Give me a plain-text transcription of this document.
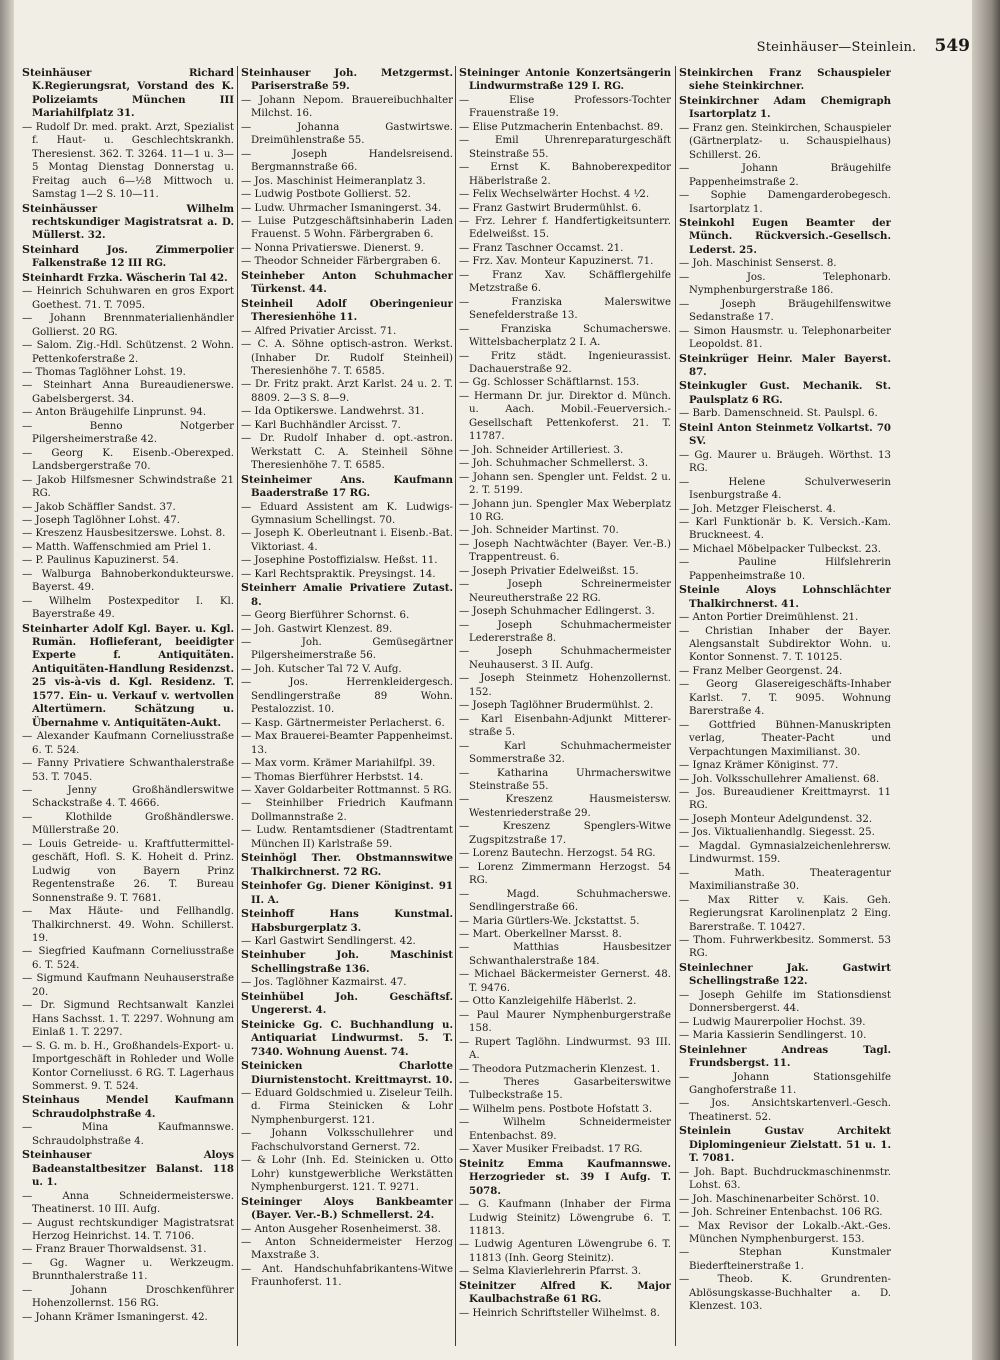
Steinhäuser—Steinlein. 549

Steinhäuser Richard K.Regierungsrat, Vorstand des K. Polizeiamts München III Mariahilfplatz 31.

— Rudolf Dr. med. prakt. Arzt, Spezialist f. Haut- u. Geschlechtskrankh. Theresienst. 362. T. 3264. 11—1 u. 3—5 Montag Dienstag Donnerstag u. Freitag auch 6—½8 Mittwoch u. Samstag 1—2 S. 10—11.

Steinhäusser Wilhelm rechtskundiger Magistratsrat a. D. Müllerst. 32.

Steinhard Jos. Zimmerpolier Falkenstraße 12 III RG.

Steinhardt Frzka. Wäscherin Tal 42.

— Heinrich Schuhwaren en gros Export Goethest. 71. T. 7095.

— Johann Brennmaterialienhändler Gollierst. 20 RG.

— Salom. Zig.-Hdl. Schützenst. 2 Wohn. Pettenkoferstraße 2.

— Thomas Taglöhner Lohst. 19.

— Steinhart Anna Bureaudienerswe. Gabelsbergerst. 34.

— Anton Bräugehilfe Linprunst. 94.

— Benno Notgerber Pilgersheimerstraße 42.

— Georg K. Eisenb.-Oberexped. Landsbergerstraße 70.

— Jakob Hilfsmesner Schwindstraße 21 RG.

— Jakob Schäffler Sandst. 37.

— Joseph Taglöhner Lohst. 47.

— Kreszenz Hausbesitzerswe. Lohst. 8.

— Matth. Waffenschmied am Priel 1.

— P. Paulinus Kapuzinerst. 54.

— Walburga Bahnoberkondukteurswe. Bayerst. 49.

— Wilhelm Postexpeditor I. Kl. Bayerstraße 49.

Steinharter Adolf Kgl. Bayer. u. Kgl. Rumän. Hoflieferant, beeidigter Experte f. Antiquitäten. Antiquitäten-Handlung Residenzst. 25 vis-à-vis d. Kgl. Residenz. T. 1577. Ein- u. Verkauf v. wertvollen Altertümern. Schätzung u. Übernahme v. Antiquitäten-Aukt.

— Alexander Kaufmann Corneliusstraße 6. T. 524.

— Fanny Privatiere Schwanthalerstraße 53. T. 7045.

— Jenny Großhändlerswitwe Schackstraße 4. T. 4666.

— Klothilde Großhändlerswe. Müllerstraße 20.

— Louis Getreide- u. Kraftfuttermittel-geschäft, Hofl. S. K. Hoheit d. Prinz. Ludwig von Bayern Prinz Regentenstraße 26. T. Bureau Sonnenstraße 9. T. 7681.

— Max Häute- und Fellhandlg. Thalkirchnerst. 49. Wohn. Schillerst. 19.

— Siegfried Kaufmann Corneliusstraße 6. T. 524.

— Sigmund Kaufmann Neuhauserstraße 20.

— Dr. Sigmund Rechtsanwalt Kanzlei Hans Sachsst. 1. T. 2297. Wohnung am Einlaß 1. T. 2297.

— S. G. m. b. H., Großhandels-Export- u. Importgeschäft in Rohleder und Wolle Kontor Corneliusst. 6 RG. T. Lagerhaus Sommerst. 9. T. 524.

Steinhaus Mendel Kaufmann Schraudolphstraße 4.

— Mina Kaufmannswe. Schraudolphstraße 4.

Steinhauser Aloys Badeanstaltbesitzer Balanst. 118 u. 1.

— Anna Schneidermeisterswe. Theatinerst. 10 III. Aufg.

— August rechtskundiger Magistratsrat Herzog Heinrichst. 14. T. 7106.

— Franz Brauer Thorwaldsenst. 31.

— Gg. Wagner u. Werkzeugm. Brunnthalerstraße 11.

— Johann Droschkenführer Hohenzollernst. 156 RG.

— Johann Krämer Ismaningerst. 42.

Steinhauser Joh. Metzgermst. Pariserstraße 59.

— Johann Nepom. Brauereibuchhalter Milchst. 16.

— Johanna Gastwirtswe. Dreimühlenstraße 55.

— Joseph Handelsreisend. Bergmannstraße 66.

— Jos. Maschinist Heimeranplatz 3.

— Ludwig Postbote Gollierst. 52.

— Ludw. Uhrmacher Ismaningerst. 34.

— Luise Putzgeschäftsinhaberin Laden Frauenst. 5 Wohn. Färbergraben 6.

— Nonna Privatierswe. Dienerst. 9.

— Theodor Schneider Färbergraben 6.

Steinheber Anton Schuhmacher Türkenst. 44.

Steinheil Adolf Oberingenieur Theresienhöhe 11.

— Alfred Privatier Arcisst. 71.

— C. A. Söhne optisch-astron. Werkst. (Inhaber Dr. Rudolf Steinheil) Theresienhöhe 7. T. 6585.

— Dr. Fritz prakt. Arzt Karlst. 24 u. 2. T. 8809. 2—3 S. 8—9.

— Ida Optikerswe. Landwehrst. 31.

— Karl Buchhändler Arcisst. 7.

— Dr. Rudolf Inhaber d. opt.-astron. Werkstatt C. A. Steinheil Söhne Theresienhöhe 7. T. 6585.

Steinheimer Ans. Kaufmann Baaderstraße 17 RG.

— Eduard Assistent am K. Ludwigs-Gymnasium Schellingst. 70.

— Joseph K. Oberleutnant i. Eisenb.-Bat. Viktoriast. 4.

— Josephine Postoffizialsw. Heßst. 11.

— Karl Rechtspraktik. Preysingst. 14.

Steinherr Amalie Privatiere Zutast. 8.

— Georg Bierführer Schornst. 6.

— Joh. Gastwirt Klenzest. 89.

— Joh. Gemüsegärtner Pilgersheimerstraße 56.

— Joh. Kutscher Tal 72 V. Aufg.

— Jos. Herrenkleidergesch. Sendlingerstraße 89 Wohn. Pestalozzist. 10.

— Kasp. Gärtnermeister Perlacherst. 6.

— Max Brauerei-Beamter Pappenheimst. 13.

— Max vorm. Krämer Mariahilfpl. 39.

— Thomas Bierführer Herbstst. 14.

— Xaver Goldarbeiter Rottmannst. 5 RG.

— Steinhilber Friedrich Kaufmann Dollmannstraße 2.

— Ludw. Rentamtsdiener (Stadtrentamt München II) Karlstraße 59.

Steinhögl Ther. Obstmannswitwe Thalkirchnerst. 72 RG.

Steinhofer Gg. Diener Königinst. 91 II. A.

Steinhoff Hans Kunstmal. Habsburgerplatz 3.

— Karl Gastwirt Sendlingerst. 42.

Steinhuber Joh. Maschinist Schellingstraße 136.

— Jos. Taglöhner Kazmairst. 47.

Steinhübel Joh. Geschäftsf. Ungererst. 4.

Steinicke Gg. C. Buchhandlung u. Antiquariat Lindwurmst. 5. T. 7340. Wohnung Auenst. 74.

Steinicken Charlotte Diurnistenstocht. Kreittmayrst. 10.

— Eduard Goldschmied u. Ziseleur Teilh. d. Firma Steinicken & Lohr Nymphenburgerst. 121.

— Johann Volksschullehrer und Fachschulvorstand Gernerst. 72.

— & Lohr (Inh. Ed. Steinicken u. Otto Lohr) kunstgewerbliche Werkstätten Nymphenburgerst. 121. T. 9271.

Steininger Aloys Bankbeamter (Bayer. Ver.-B.) Schmellerst. 24.

— Anton Ausgeher Rosenheimerst. 38.

— Anton Schneidermeister Herzog Maxstraße 3.

— Ant. Handschuhfabrikantens-Witwe Fraunhoferst. 11.

Steininger Antonie Konzertsängerin Lindwurmstraße 129 I. RG.

— Elise Professors-Tochter Frauenstraße 19.

— Elise Putzmacherin Entenbachst. 89.

— Emil Uhrenreparaturgeschäft Steinstraße 55.

— Ernst K. Bahnoberexpeditor Häberlstraße 2.

— Felix Wechselwärter Hochst. 4 ⅟2.

— Franz Gastwirt Brudermühlst. 6.

— Frz. Lehrer f. Handfertigkeitsunterr. Edelweißst. 15.

— Franz Taschner Occamst. 21.

— Frz. Xav. Monteur Kapuzinerst. 71.

— Franz Xav. Schäfflergehilfe Metzstraße 6.

— Franziska Malerswitwe Senefelderstraße 13.

— Franziska Schumacherswe. Wittelsbacherplatz 2 I. A.

— Fritz städt. Ingenieurassist. Dachauerstraße 92.

— Gg. Schlosser Schäftlarnst. 153.

— Hermann Dr. jur. Direktor d. Münch. u. Aach. Mobil.-Feuerversich.-Gesellschaft Pettenkoferst. 21. T. 11787.

— Joh. Schneider Artilleriest. 3.

— Joh. Schuhmacher Schmellerst. 3.

— Johann sen. Spengler unt. Feldst. 2 u. 2. T. 5199.

— Johann jun. Spengler Max Weberplatz 10 RG.

— Joh. Schneider Martinst. 70.

— Joseph Nachtwächter (Bayer. Ver.-B.) Trappentreust. 6.

— Joseph Privatier Edelweißst. 15.

— Joseph Schreinermeister Neureutherstraße 22 RG.

— Joseph Schuhmacher Edlingerst. 3.

— Joseph Schuhmachermeister Ledererstraße 8.

— Joseph Schuhmachermeister Neuhauserst. 3 II. Aufg.

— Joseph Steinmetz Hohenzollernst. 152.

— Joseph Taglöhner Brudermühlst. 2.

— Karl Eisenbahn-Adjunkt Mitterer-straße 5.

— Karl Schuhmachermeister Sommerstraße 32.

— Katharina Uhrmacherswitwe Steinstraße 55.

— Kreszenz Hausmeistersw. Westenriederstraße 29.

— Kreszenz Spenglers-Witwe Zugspitzstraße 17.

— Lorenz Bautechn. Herzogst. 54 RG.

— Lorenz Zimmermann Herzogst. 54 RG.

— Magd. Schuhmacherswe. Sendlingerstraße 66.

— Maria Gürtlers-We. Jckstattst. 5.

— Mart. Oberkellner Marsst. 8.

— Matthias Hausbesitzer Schwanthalerstraße 184.

— Michael Bäckermeister Gernerst. 48. T. 9476.

— Otto Kanzleigehilfe Häberlst. 2.

— Paul Maurer Nymphenburgerstraße 158.

— Rupert Taglöhn. Lindwurmst. 93 III. A.

— Theodora Putzmacherin Klenzest. 1.

— Theres Gasarbeiterswitwe Tulbeckstraße 15.

— Wilhelm pens. Postbote Hofstatt 3.

— Wilhelm Schneidermeister Entenbachst. 89.

— Xaver Musiker Freibadst. 17 RG.

Steinitz Emma Kaufmannswe. Herzogrieder st. 39 I Aufg. T. 5078.

— G. Kaufmann (Inhaber der Firma Ludwig Steinitz) Löwengrube 6. T. 11813.

— Ludwig Agenturen Löwengrube 6. T. 11813 (Inh. Georg Steinitz).

— Selma Klavierlehrerin Pfarrst. 3.

Steinitzer Alfred K. Major Kaulbachstraße 61 RG.

— Heinrich Schriftsteller Wilhelmst. 8.

Steinkirchen Franz Schauspieler siehe Steinkirchner.

Steinkirchner Adam Chemigraph Isartorplatz 1.

— Franz gen. Steinkirchen, Schauspieler (Gärtnerplatz- u. Schauspielhaus) Schillerst. 26.

— Johann Bräugehilfe Pappenheimstraße 2.

— Sophie Damengarderobegesch. Isartorplatz 1.

Steinkohl Eugen Beamter der Münch. Rückversich.-Gesellsch. Lederst. 25.

— Joh. Maschinist Senserst. 8.

— Jos. Telephonarb. Nymphenburgerstraße 186.

— Joseph Bräugehilfenswitwe Sedanstraße 17.

— Simon Hausmstr. u. Telephonarbeiter Leopoldst. 81.

Steinkrüger Heinr. Maler Bayerst. 87.

Steinkugler Gust. Mechanik. St. Paulsplatz 6 RG.

— Barb. Damenschneid. St. Paulspl. 6.

Steinl Anton Steinmetz Volkartst. 70 SV.

— Gg. Maurer u. Bräugeh. Wörthst. 13 RG.

— Helene Schulverweserin Isenburgstraße 4.

— Joh. Metzger Fleischerst. 4.

— Karl Funktionär b. K. Versich.-Kam. Bruckneest. 4.

— Michael Möbelpacker Tulbeckst. 23.

— Pauline Hilfslehrerin Pappenheimstraße 10.

Steinle Aloys Lohnschlächter Thalkirchnerst. 41.

— Anton Portier Dreimühlenst. 21.

— Christian Inhaber der Bayer. Alengsanstalt Subdirektor Wohn. u. Kontor Sonnenst. 7. T. 10125.

— Franz Melber Georgenst. 24.

— Georg Glasereigeschäfts-Inhaber Karlst. 7. T. 9095. Wohnung Barerstraße 4.

— Gottfried Bühnen-Manuskripten verlag, Theater-Pacht und Verpachtungen Maximilianst. 30.

— Ignaz Krämer Königinst. 77.

— Joh. Volksschullehrer Amalienst. 68.

— Jos. Bureaudiener Kreittmayrst. 11 RG.

— Joseph Monteur Adelgundenst. 32.

— Jos. Viktualienhandlg. Siegesst. 25.

— Magdal. Gymnasialzeichenlehrersw. Lindwurmst. 159.

— Math. Theateragentur Maximilianstraße 30.

— Max Ritter v. Kais. Geh. Regierungsrat Karolinenplatz 2 Eing. Barerstraße. T. 10427.

— Thom. Fuhrwerkbesitz. Sommerst. 53 RG.

Steinlechner Jak. Gastwirt Schellingstraße 122.

— Joseph Gehilfe im Stationsdienst Donnersbergerst. 44.

— Ludwig Maurerpolier Hochst. 39.

— Maria Kassierin Sendlingerst. 10.

Steinlehner Andreas Tagl. Frundsbergst. 11.

— Johann Stationsgehilfe Ganghoferstraße 11.

— Jos. Ansichtskartenverl.-Gesch. Theatinerst. 52.

Steinlein Gustav Architekt Diplomingenieur Zielstatt. 51 u. 1. T. 7081.

— Joh. Bapt. Buchdruckmaschinenmstr. Lohst. 63.

— Joh. Maschinenarbeiter Schörst. 10.

— Joh. Schreiner Entenbachst. 106 RG.

— Max Revisor der Lokalb.-Akt.-Ges. München Nymphenburgerst. 153.

— Stephan Kunstmaler Biederfteinerstraße 1.

— Theob. K. Grundrenten-Ablösungskasse-Buchhalter a. D. Klenzest. 103.
